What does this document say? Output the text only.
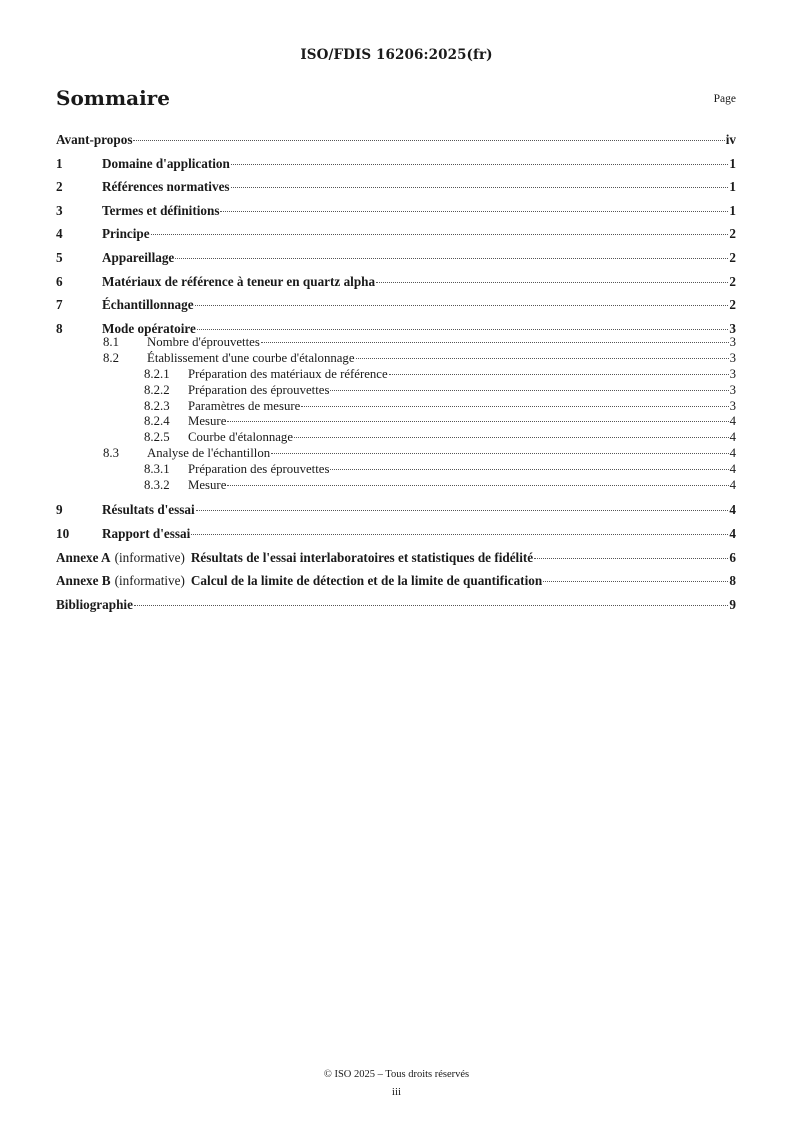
ISO/FDIS 16206:2025(fr)
Sommaire	Page
Avant-propos	iv
1	Domaine d'application	1
2	Références normatives	1
3	Termes et définitions	1
4	Principe	2
5	Appareillage	2
6	Matériaux de référence à teneur en quartz alpha	2
7	Échantillonnage	2
8	Mode opératoire	3
8.1	Nombre d'éprouvettes	3
8.2	Établissement d'une courbe d'étalonnage	3
8.2.1	Préparation des matériaux de référence	3
8.2.2	Préparation des éprouvettes	3
8.2.3	Paramètres de mesure	3
8.2.4	Mesure	4
8.2.5	Courbe d'étalonnage	4
8.3	Analyse de l'échantillon	4
8.3.1	Préparation des éprouvettes	4
8.3.2	Mesure	4
9	Résultats d'essai	4
10	Rapport d'essai	4
Annexe A (informative) Résultats de l'essai interlaboratoires et statistiques de fidélité	6
Annexe B (informative) Calcul de la limite de détection et de la limite de quantification	8
Bibliographie	9
© ISO 2025 – Tous droits réservés
iii
